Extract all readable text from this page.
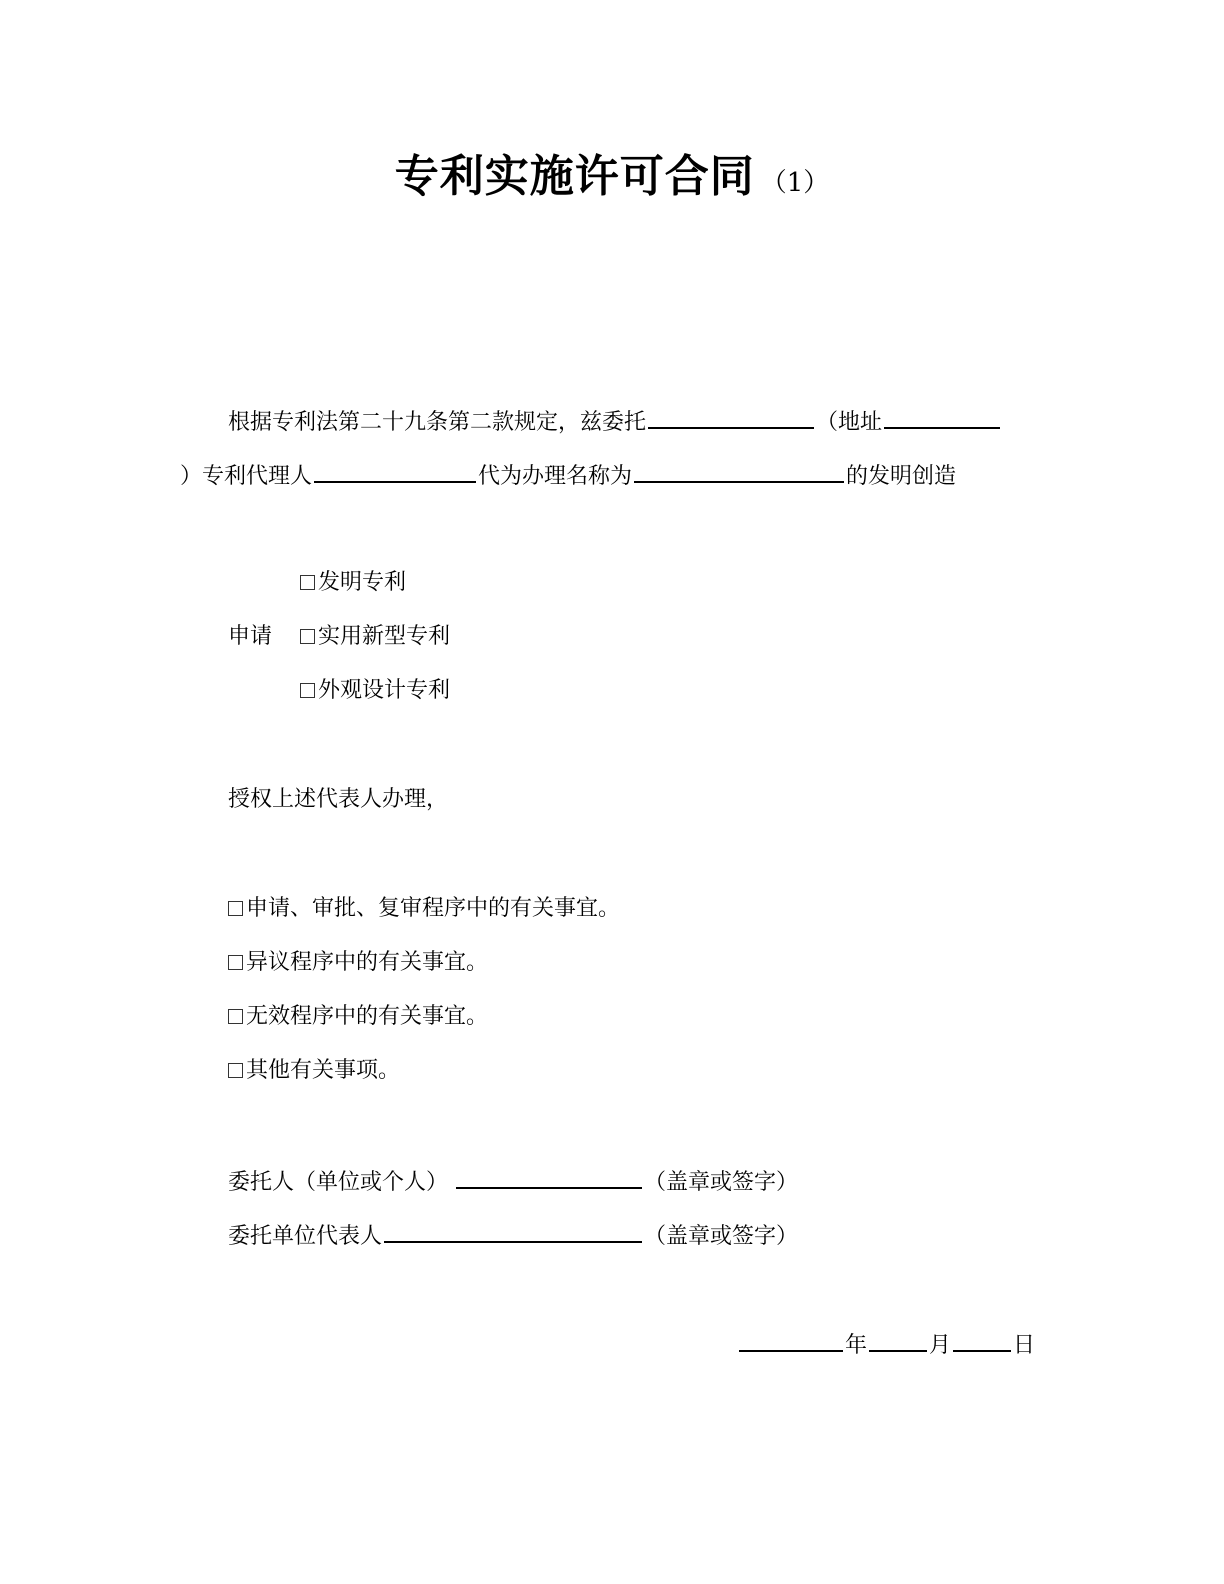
专利实施许可合同 （1）
根据专利法第二十九条第二款规定，兹委托	（地址
）专利代理人	代为办理名称为	的发明创造
发明专利
申请	实用新型专利
外观设计专利
授权上述代表人办理，
申请、审批、复审程序中的有关事宜。
异议程序中的有关事宜。
无效程序中的有关事宜。
其他有关事项。
委托人（单位或个人）	（盖章或签字）
委托单位代表人	（盖章或签字）
年	月	日
